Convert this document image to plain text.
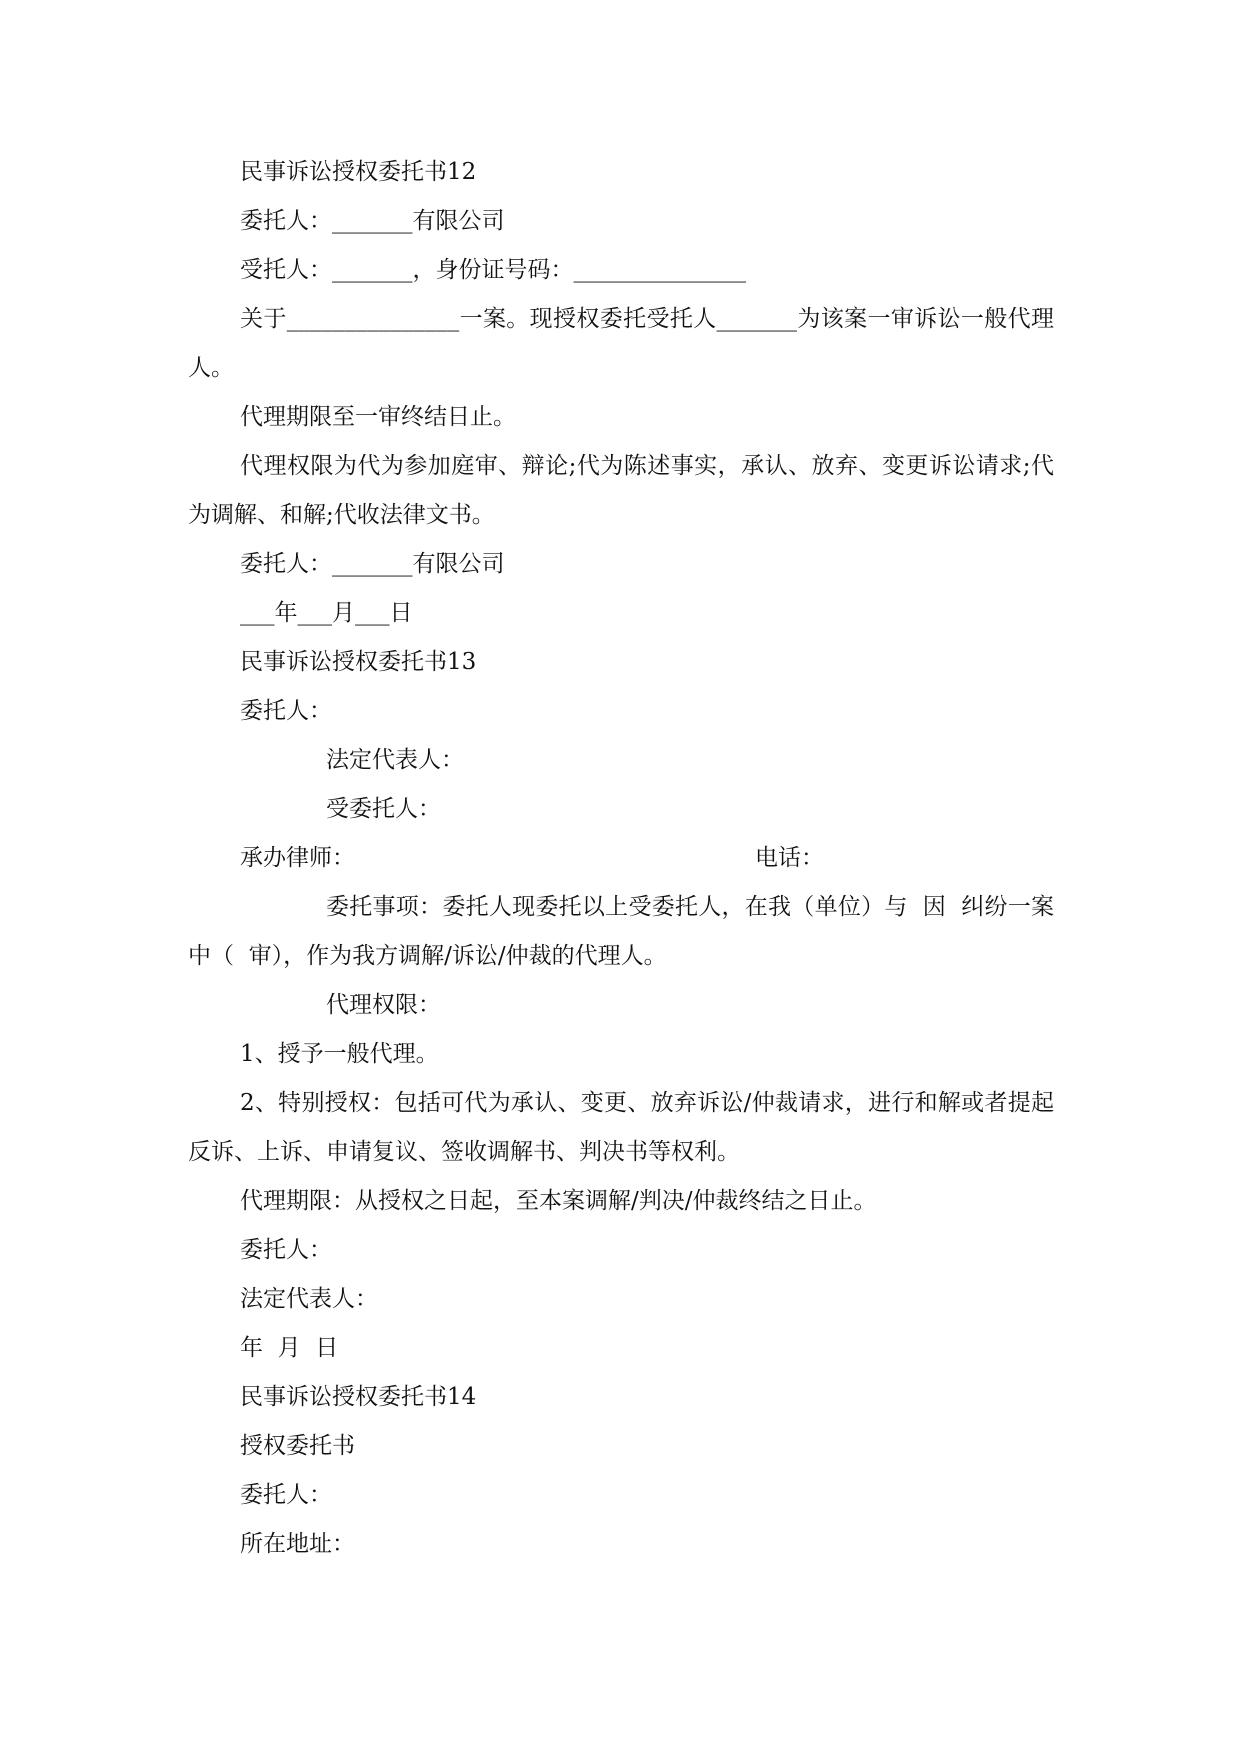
民事诉讼授权委托书12

委托人：_______有限公司

受托人：_______，身份证号码：_______________

关于_______________一案。现授权委托受托人_______为该案一审诉讼一般代理人。

代理期限至一审终结日止。

代理权限为代为参加庭审、辩论;代为陈述事实，承认、放弃、变更诉讼请求;代为调解、和解;代收法律文书。

委托人：_______有限公司

___年___月___日

民事诉讼授权委托书13

委托人：

法定代表人：

受委托人：

承办律师：	电话：

委托事项：委托人现委托以上受委托人，在我（单位）与  因  纠纷一案中（  审），作为我方调解/诉讼/仲裁的代理人。

代理权限：

1、授予一般代理。

2、特别授权：包括可代为承认、变更、放弃诉讼/仲裁请求，进行和解或者提起反诉、上诉、申请复议、签收调解书、判决书等权利。

代理期限：从授权之日起，至本案调解/判决/仲裁终结之日止。

委托人：

法定代表人：

年  月  日

民事诉讼授权委托书14

授权委托书

委托人：

所在地址：
